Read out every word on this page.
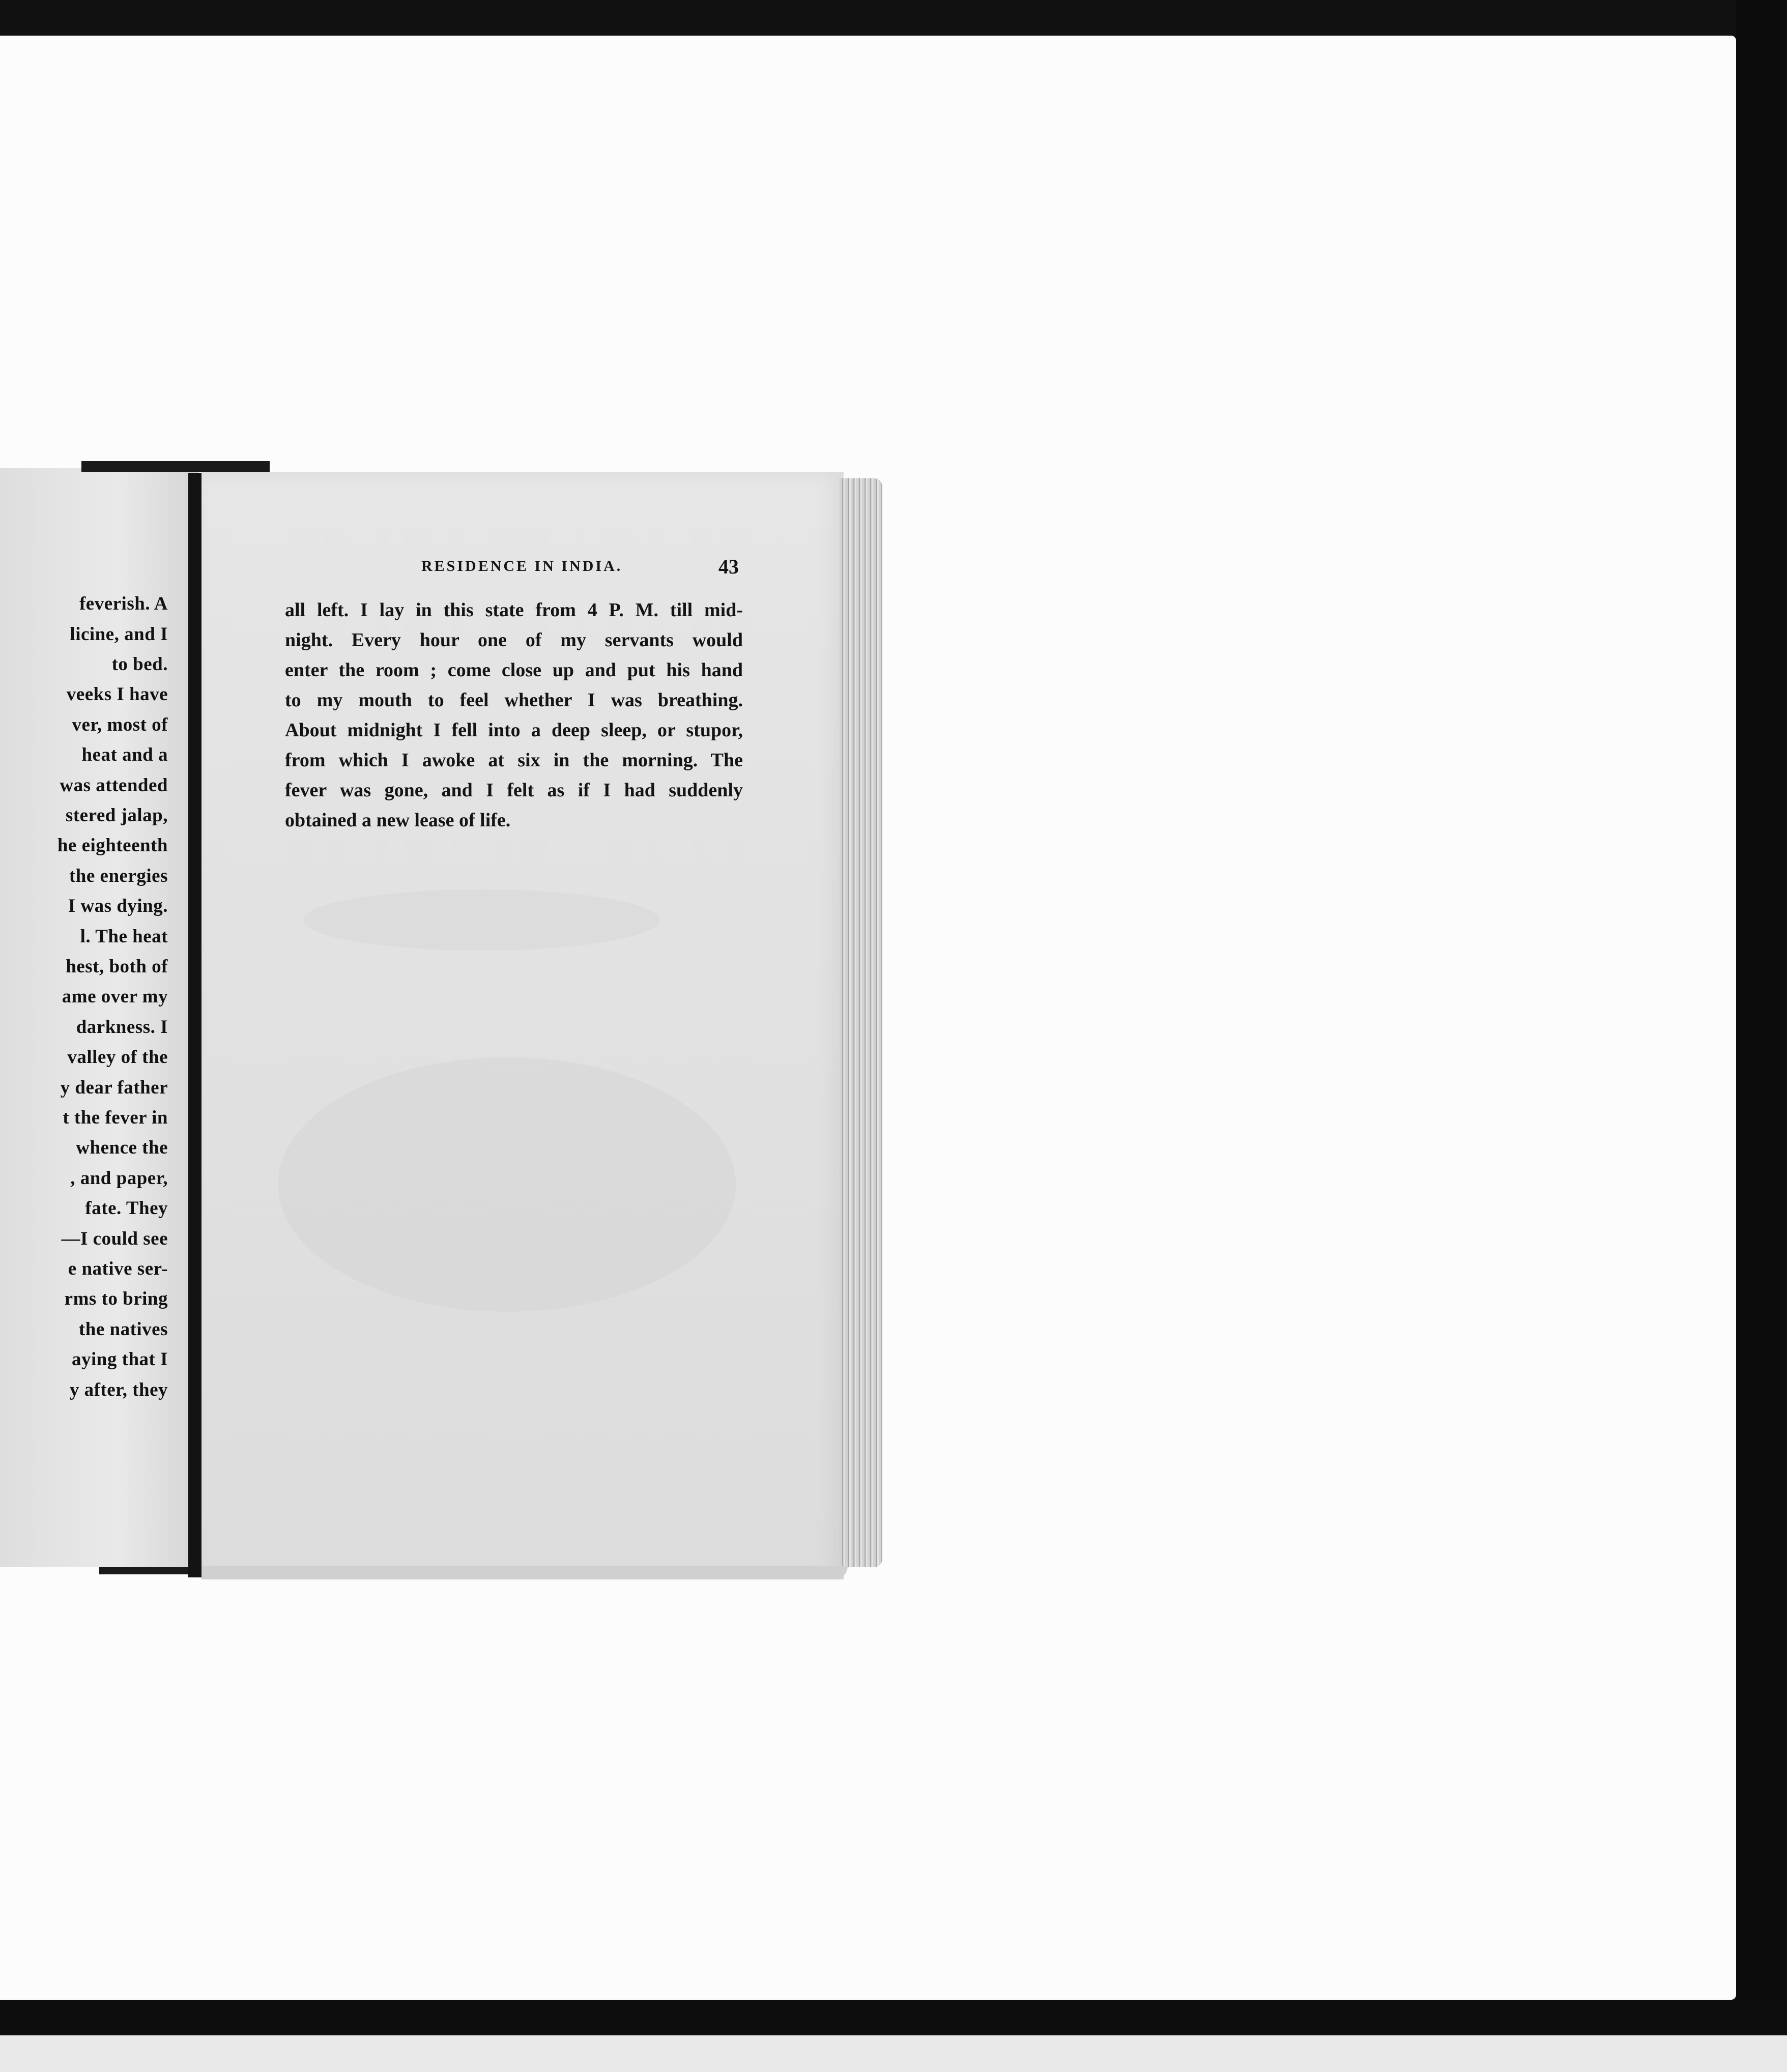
feverish. A
licine, and I
to bed.
veeks I have
ver, most of
heat and a
was attended
stered jalap,
he eighteenth
the energies
I was dying.
l. The heat
hest, both of
ame over my
darkness. I
valley of the
y dear father
t the fever in
whence the
, and paper,
fate. They
—I could see
e native ser-
rms to bring
the natives
aying that I
y after, they
RESIDENCE IN INDIA.	43
all left. I lay in this state from 4 P. M. till mid-
night. Every hour one of my servants would
enter the room ; come close up and put his hand
to my mouth to feel whether I was breathing.
About midnight I fell into a deep sleep, or stupor,
from which I awoke at six in the morning. The
fever was gone, and I felt as if I had suddenly
obtained a new lease of life.
